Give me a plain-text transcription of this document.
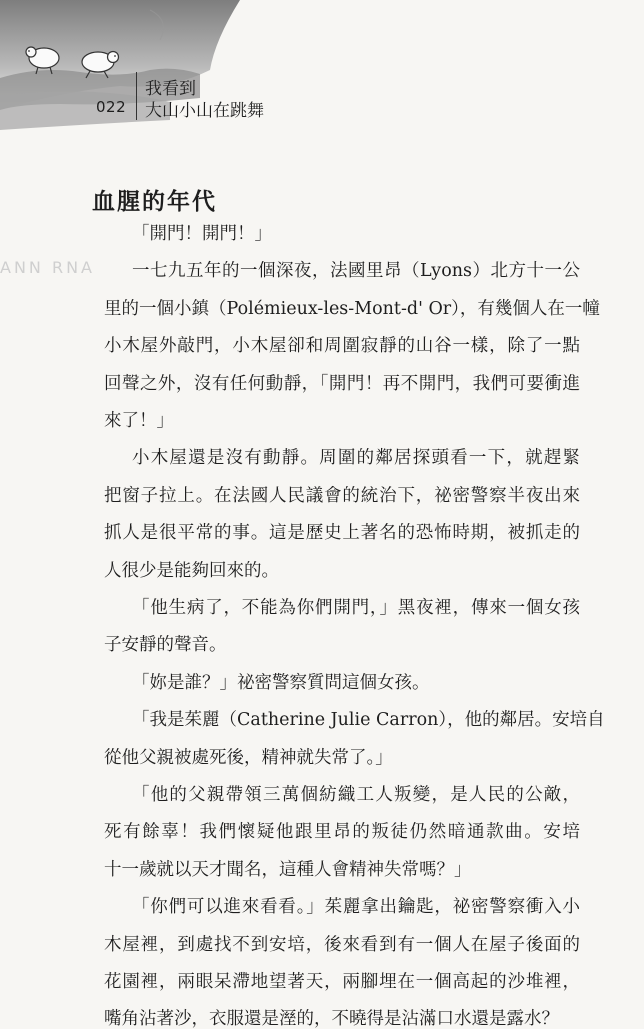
022
我看到
大山小山在跳舞
ANN RNA
血腥的年代
「開門！開門！」
一七九五年的一個深夜，法國里昂（Lyons）北方十一公
里的一個小鎮（Polémieux-les-Mont-d' Or），有幾個人在一幢
小木屋外敲門，小木屋卻和周圍寂靜的山谷一樣，除了一點
回聲之外，沒有任何動靜，「開門！再不開門，我們可要衝進
來了！」
小木屋還是沒有動靜。周圍的鄰居探頭看一下，就趕緊
把窗子拉上。在法國人民議會的統治下，祕密警察半夜出來
抓人是很平常的事。這是歷史上著名的恐怖時期，被抓走的
人很少是能夠回來的。
「他生病了，不能為你們開門，」黑夜裡，傳來一個女孩
子安靜的聲音。
「妳是誰？」祕密警察質問這個女孩。
「我是茱麗（Catherine Julie Carron），他的鄰居。安培自
從他父親被處死後，精神就失常了。」
「他的父親帶領三萬個紡織工人叛變，是人民的公敵，
死有餘辜！我們懷疑他跟里昂的叛徒仍然暗通款曲。安培
十一歲就以天才聞名，這種人會精神失常嗎？」
「你們可以進來看看。」茱麗拿出鑰匙，祕密警察衝入小
木屋裡，到處找不到安培，後來看到有一個人在屋子後面的
花園裡，兩眼呆滯地望著天，兩腳埋在一個高起的沙堆裡，
嘴角沾著沙，衣服還是溼的，不曉得是沾滿口水還是露水？
